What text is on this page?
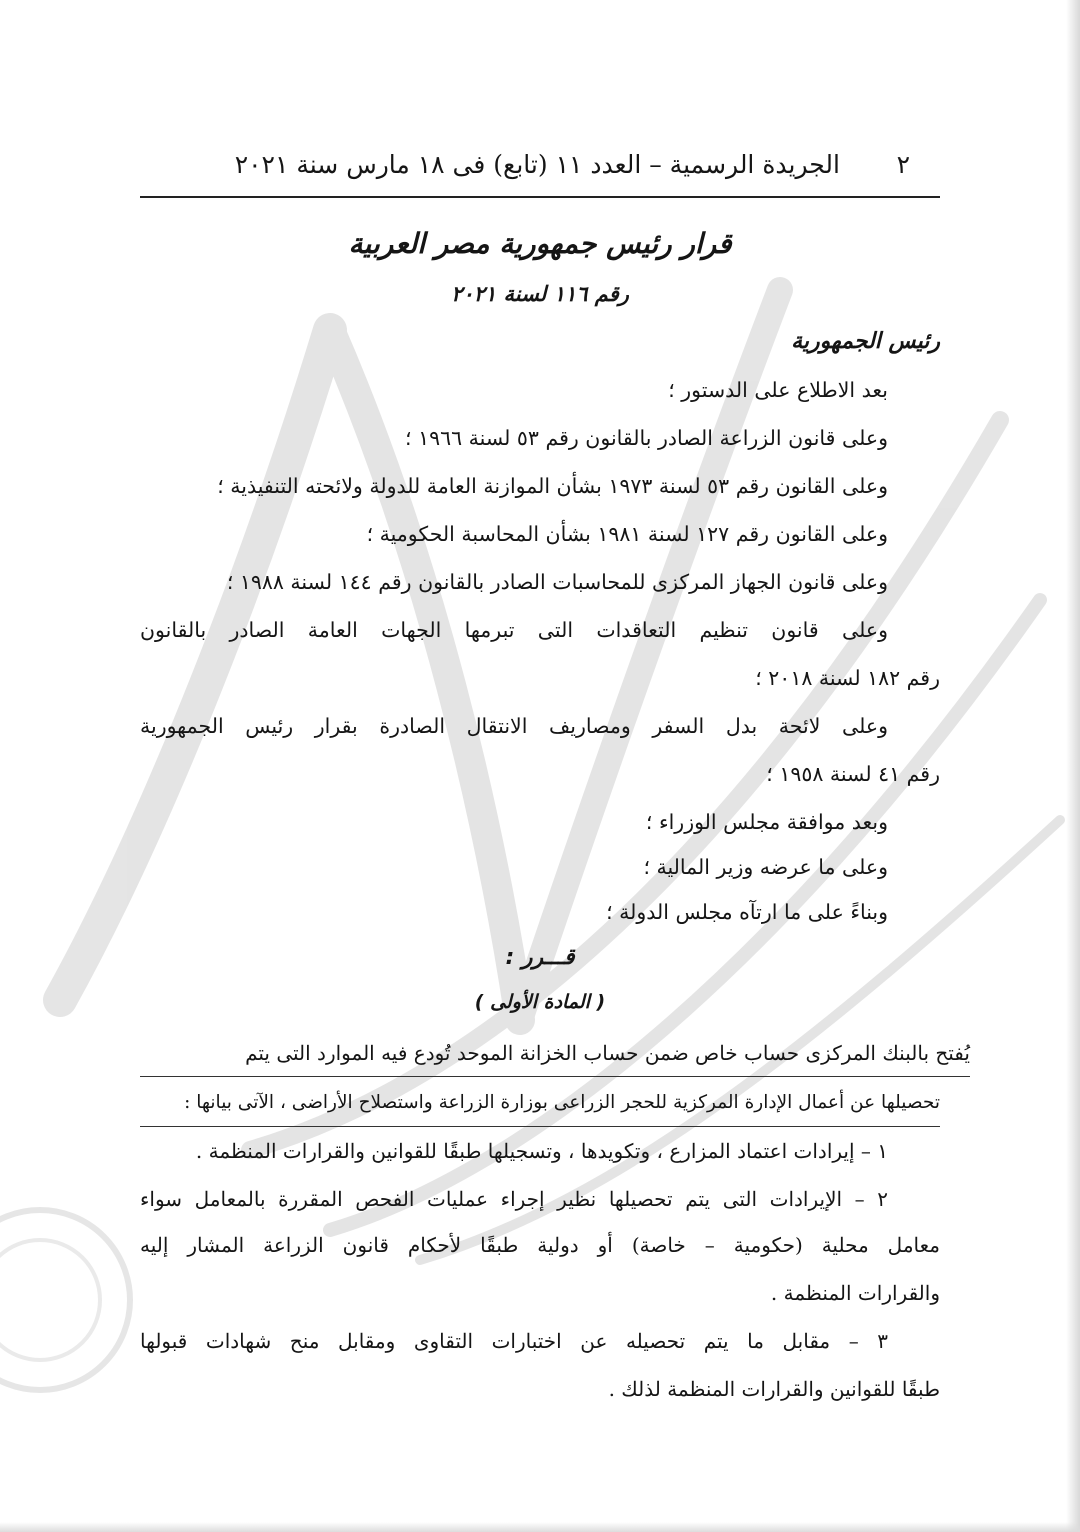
٢
الجريدة الرسمية – العدد ١١ (تابع) فى ١٨ مارس سنة ٢٠٢١
قرار رئيس جمهورية مصر العربية
رقم ١١٦ لسنة ٢٠٢١
رئيس الجمهورية
بعد الاطلاع على الدستور ؛
وعلى قانون الزراعة الصادر بالقانون رقم ٥٣ لسنة ١٩٦٦ ؛
وعلى القانون رقم ٥٣ لسنة ١٩٧٣ بشأن الموازنة العامة للدولة ولائحته التنفيذية ؛
وعلى القانون رقم ١٢٧ لسنة ١٩٨١ بشأن المحاسبة الحكومية ؛
وعلى قانون الجهاز المركزى للمحاسبات الصادر بالقانون رقم ١٤٤ لسنة ١٩٨٨ ؛
وعلى قانون تنظيم التعاقدات التى تبرمها الجهات العامة الصادر بالقانون
رقم ١٨٢ لسنة ٢٠١٨ ؛
وعلى لائحة بدل السفر ومصاريف الانتقال الصادرة بقرار رئيس الجمهورية
رقم ٤١ لسنة ١٩٥٨ ؛
وبعد موافقة مجلس الوزراء ؛
وعلى ما عرضه وزير المالية ؛
وبناءً على ما ارتآه مجلس الدولة ؛
قـــرر :
( المادة الأولى )
يُفتح بالبنك المركزى حساب خاص ضمن حساب الخزانة الموحد تُودع فيه الموارد التى يتم
تحصيلها عن أعمال الإدارة المركزية للحجر الزراعى بوزارة الزراعة واستصلاح الأراضى ، الآتى بيانها :
١ – إيرادات اعتماد المزارع ، وتكويدها ، وتسجيلها طبقًا للقوانين والقرارات المنظمة .
٢ – الإيرادات التى يتم تحصيلها نظير إجراء عمليات الفحص المقررة بالمعامل سواء
معامل محلية (حكومية – خاصة) أو دولية طبقًا لأحكام قانون الزراعة المشار إليه
والقرارات المنظمة .
٣ – مقابل ما يتم تحصيله عن اختبارات التقاوى ومقابل منح شهادات قبولها
طبقًا للقوانين والقرارات المنظمة لذلك .
